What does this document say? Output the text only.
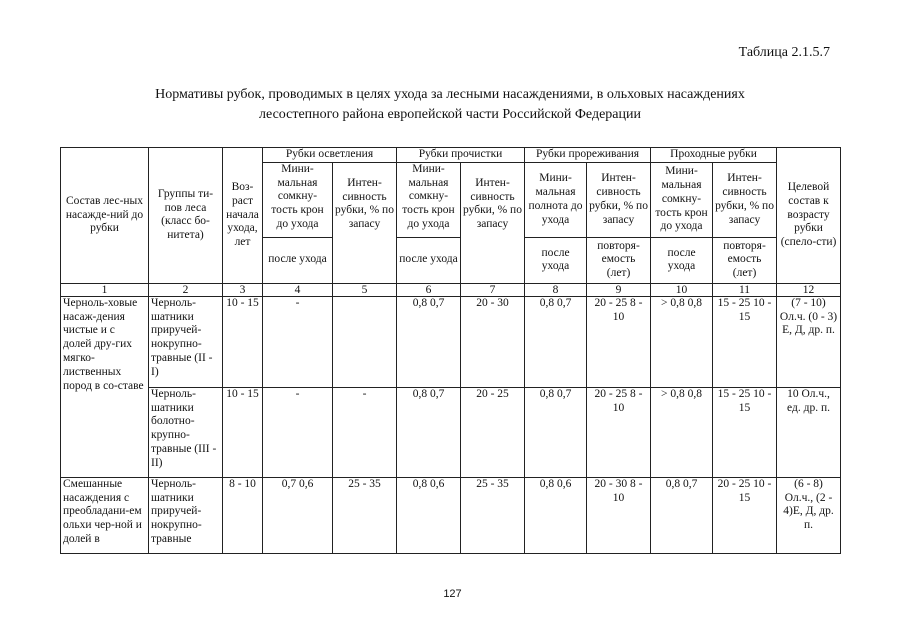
Таблица 2.1.5.7
Нормативы рубок, проводимых в целях ухода за лесными насаждениями, в ольховых насаждениях
лесостепного района европейской части Российской Федерации
Состав лес-ных насажде-ний до рубки	Группы ти-пов леса (класс бо-нитета)	Воз-раст начала ухода, лет	Рубки осветления		Рубки прочистки		Рубки прореживания		Проходные рубки		Целевой состав к возрасту рубки (спело-сти)
			Мини-мальная сомкну-тость крон до ухода	Интен-сивность рубки, % по запасу	Мини-мальная сомкну-тость крон до ухода	Интен-сивность рубки, % по запасу	Мини-мальная полнота до ухода	Интен-сивность рубки, % по запасу	Мини-мальная сомкну-тость крон до ухода	Интен-сивность рубки, % по запасу	
			после ухода		после ухода		после ухода	повторя-емость (лет)	после ухода	повторя-емость (лет)	
1	2	3	4	5	6	7	8	9	10	11	12
Черноль-ховые насаж-дения чистые и с долей дру-гих мягко-лиственных пород в со-ставе	Черноль-шатники приручей-нокрупно-травные (II - I)	10 - 15	-		0,8 0,7	20 - 30	0,8 0,7	20 - 25 8 - 10	> 0,8 0,8	15 - 25 10 - 15	(7 - 10) Ол.ч. (0 - 3) Е, Д, др. п.
	Черноль-шатники болотно-крупно-травные (III - II)	10 - 15	-	-	0,8 0,7	20 - 25	0,8 0,7	20 - 25 8 - 10	> 0,8 0,8	15 - 25 10 - 15	10 Ол.ч., ед. др. п.
Смешанные насаждения с преобладани-ем ольхи чер-ной и долей в	Черноль-шатники приручей-нокрупно-травные	8 - 10	0,7 0,6	25 - 35	0,8 0,6	25 - 35	0,8 0,6	20 - 30 8 - 10	0,8 0,7	20 - 25 10 - 15	(6 - 8) Ол.ч., (2 - 4)Е, Д, др. п.
127
